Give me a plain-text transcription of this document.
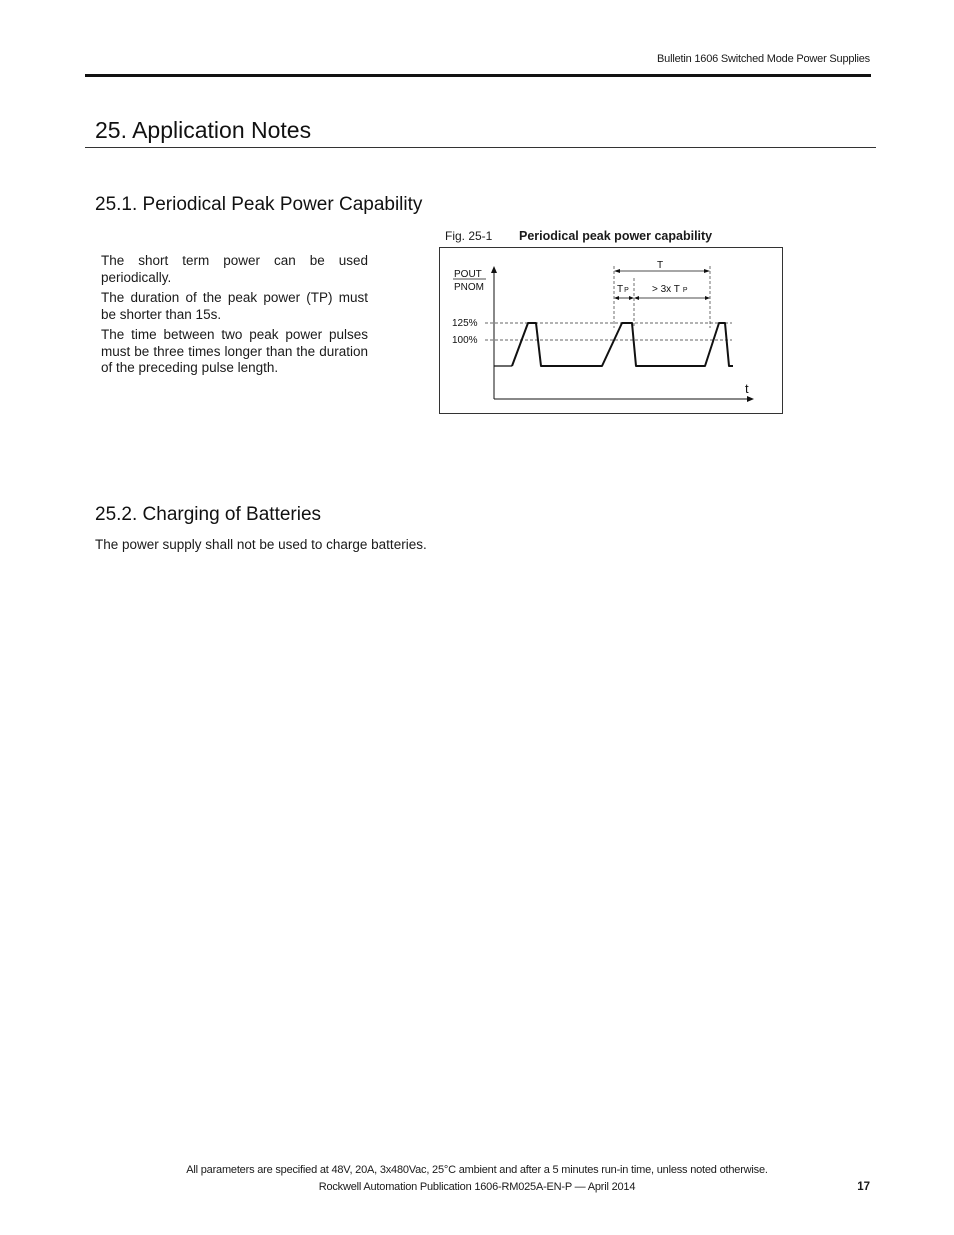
Bulletin 1606 Switched Mode Power Supplies
25. Application Notes
25.1. Periodical Peak Power Capability

The short term power can be used periodically.

The duration of the peak power (TP) must be shorter than 15s.

The time between two peak power pulses must be three times longer than the duration of the preceding pulse length.

Fig. 25-1 Periodical peak power capability
POUT
PNOM
125%
100%
t
T
TP > 3x T P
25.2. Charging of Batteries
The power supply shall not be used to charge batteries.
All parameters are specified at 48V, 20A, 3x480Vac, 25°C ambient and after a 5 minutes run-in time, unless noted otherwise.
Rockwell Automation Publication 1606-RM025A-EN-P — April 2014	17
